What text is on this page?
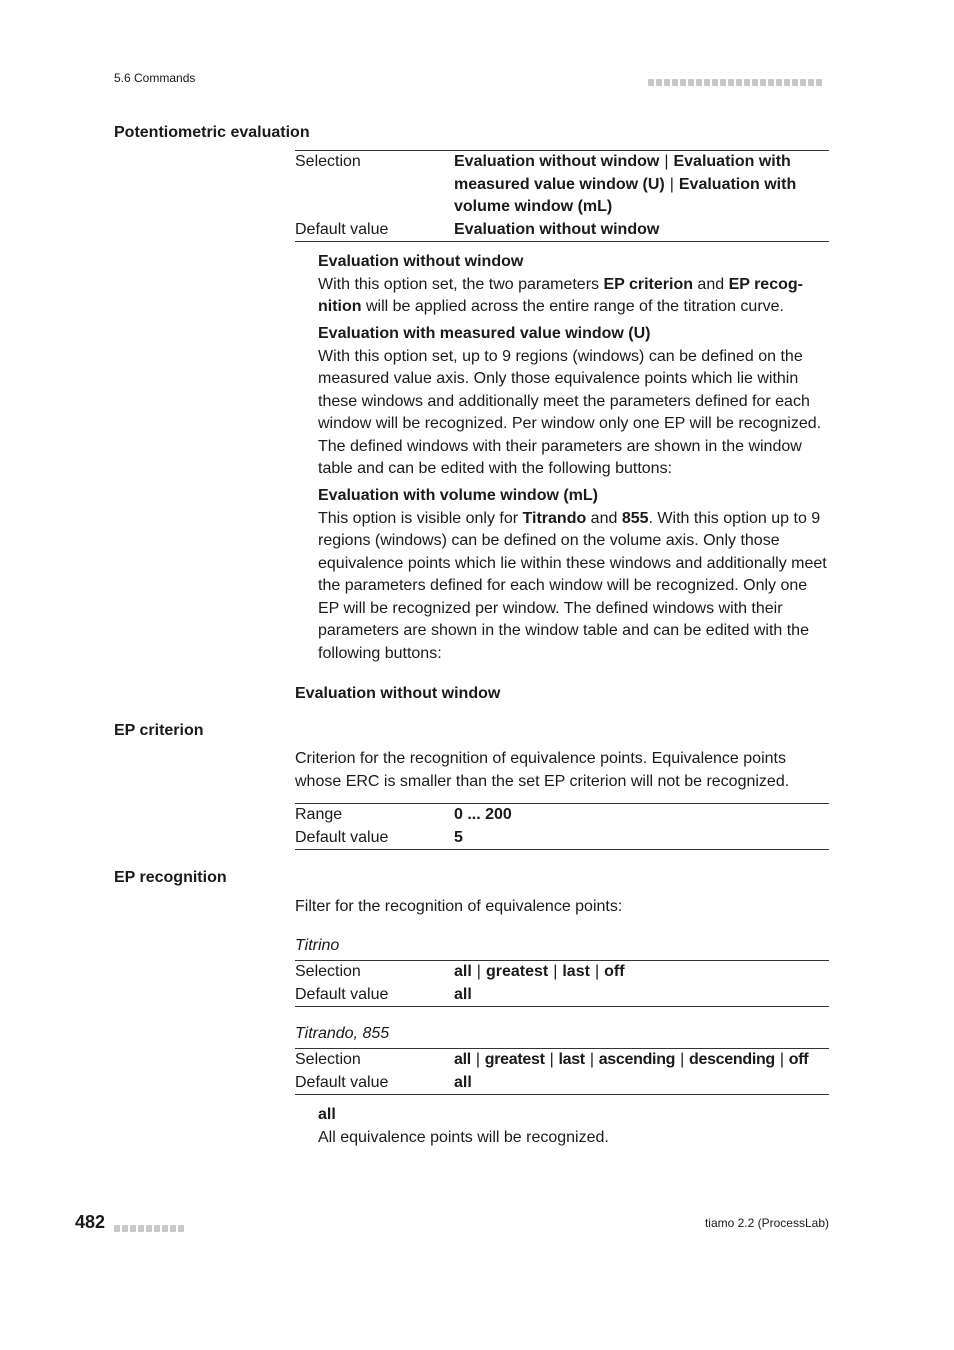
5.6 Commands
Potentiometric evaluation
Selection	Evaluation without window | Evaluation with measured value window (U) | Evaluation with volume window (mL)
Default value	Evaluation without window
Evaluation without window
With this option set, the two parameters EP criterion and EP recognition will be applied across the entire range of the titration curve.
Evaluation with measured value window (U)
With this option set, up to 9 regions (windows) can be defined on the measured value axis. Only those equivalence points which lie within these windows and additionally meet the parameters defined for each window will be recognized. Per window only one EP will be recognized. The defined windows with their parameters are shown in the window table and can be edited with the following buttons:
Evaluation with volume window (mL)
This option is visible only for Titrando and 855. With this option up to 9 regions (windows) can be defined on the volume axis. Only those equivalence points which lie within these windows and additionally meet the parameters defined for each window will be recognized. Only one EP will be recognized per window. The defined windows with their parameters are shown in the window table and can be edited with the following buttons:
Evaluation without window
EP criterion
Criterion for the recognition of equivalence points. Equivalence points whose ERC is smaller than the set EP criterion will not be recognized.
Range	0 ... 200
Default value	5
EP recognition
Filter for the recognition of equivalence points:
Titrino
Selection	all | greatest | last | off
Default value	all
Titrando, 855
Selection	all | greatest | last | ascending | descending | off
Default value	all
all
All equivalence points will be recognized.
482	tiamo 2.2 (ProcessLab)
